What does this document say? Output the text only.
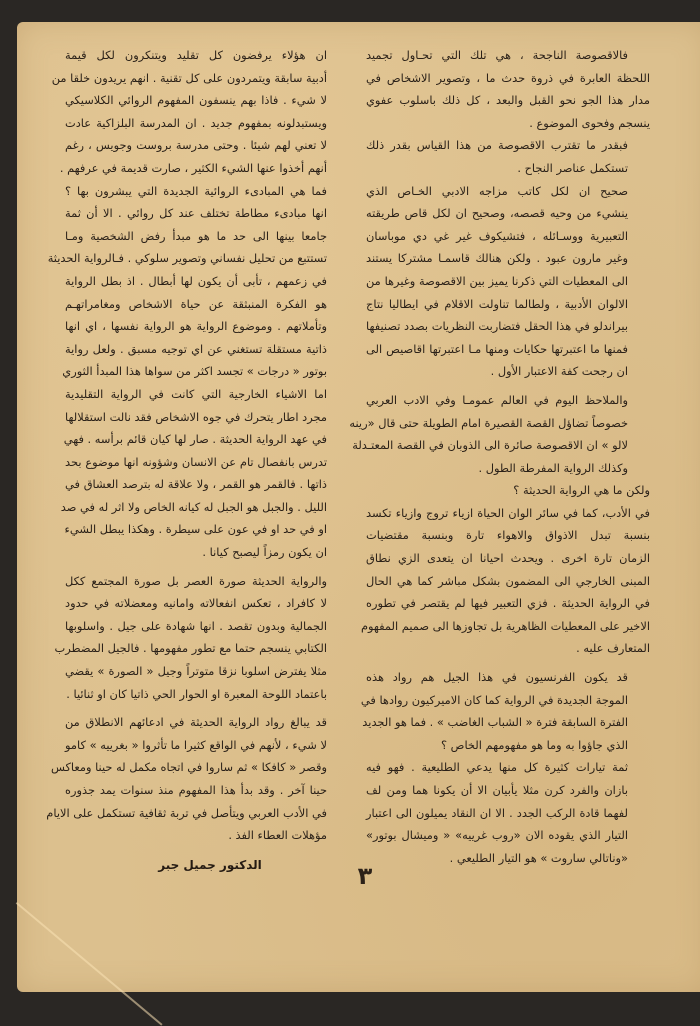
فالاقصوصة الناجحة ، هي تلك التي تحـاول تجميد

اللحظة العابرة في ذروة حدث ما ، وتصوير الاشخاص في
مدار هذا الجو نحو القبل والبعد ، كل ذلك باسلوب عفوي
ينسجم وفحوى الموضوع .

فبقدر ما تقترب الاقصوصة من هذا القياس بقدر ذلك
تستكمل عناصر النجاح .

صحيح ان لكل كاتب مزاجه الادبي الخـاص الذي
ينشيء من وحيه قصصه، وصحيح ان لكل قاص طريقته
التعبيرية ووسـائله ، فتشيكوف غير غي دي موباسان
وغير مارون عبود . ولكن هنالك قاسمـا مشتركا يستند
الى المعطيات التي ذكرنا يميز بين الاقصوصة وغيرها من
الالوان الأدبية ، ولطالما تناولت الاقلام في ايطاليا نتاج
بيراندلو في هذا الحقل فتضاربت النظريات بصدد تصنيفها
فمنها ما اعتبرتها حكايات ومنها مـا اعتبرتها اقاصيص الى
ان رجحت كفة الاعتبار الأول .

والملاحظ اليوم في العالم عمومـا وفي الادب العربي
خصوصاً تضاؤل القصة القصيرة امام الطويلة حتى قال «رينه
لالو » ان الاقصوصة صائرة الى الذوبان في القصة المعتـدلة
وكذلك الرواية المفرطة الطول .

ولكن ما هي الرواية الحديثة ؟

في الأدب، كما في سائر الوان الحياة ازياء تروج وازياء تكسد
بنسبة تبدل الاذواق والاهواء تارة وبنسبة مقتضيات
الزمان تارة اخرى . ويحدث احيانا ان يتعدى الزي نطاق
المبنى الخارجي الى المضمون بشكل مباشر كما هي الحال
في الرواية الحديثة . فزي التعبير فيها لم يقتصر في تطوره
الاخير على المعطيات الظاهرية بل تجاوزها الى صميم المفهوم
المتعارف عليه .

قد يكون الفرنسيون في هذا الجيل هم رواد هذه
الموجة الجديدة في الرواية كما كان الاميركيون روادها في
الفترة السابقة فترة « الشباب الغاضب » . فما هو الجديد
الذي جاؤوا به وما هو مفهومهم الخاص ؟

ثمة تيارات كثيرة كل منها يدعي الطليعية . فهو فيه
بازان والفرد كرن مثلا يأبيان الا أن يكونا هما ومن لف
لفهما قادة الركب الجدد . الا ان النقاد يميلون الى اعتبار
التيار الذي يقوده الان «روب غرييه» « وميشال بوتور»
«وناتالي ساروت » هو التيار الطليعي .

ان هؤلاء يرفضون كل تقليد ويتنكرون لكل قيمة
أدبية سابقة ويتمردون على كل تقنية . انهم يريدون خلقا من
لا شيء . فاذا بهم ينسفون المفهوم الروائي الكلاسيكي
ويستبدلونه بمفهوم جديد . ان المدرسة البلزاكية عادت
لا تعني لهم شيئا . وحتى مدرسة بروست وجويس ، رغم
أنهم أخذوا عنها الشيء الكثير ، صارت قديمة في عرفهم .

فما هي المبادىء الروائية الجديدة التي يبشرون بها ؟
انها مبادىء مطاطة تختلف عند كل روائي . الا أن ثمة
جامعا بينها الى حد ما هو مبدأ رفض الشخصية ومـا
تستتبع من تحليل نفساني وتصوير سلوكي . فـالرواية الحديثة
في زعمهم ، تأبى أن يكون لها أبطال . اذ بطل الرواية
هو الفكرة المنبثقة عن حياة الاشخاص ومغامراتهـم
وتأملاتهم . وموضوع الرواية هو الرواية نفسها ، اي انها
ذاتية مستقلة تستغني عن اي توجيه مسبق . ولعل رواية
بوتور « درجات » تجسد اكثر من سواها هذا المبدأ الثوري

اما الاشياء الخارجية التي كانت في الرواية التقليدية
مجرد اطار يتحرك في جوه الاشخاص فقد نالت استقلالها
في عهد الرواية الحديثة . صار لها كيان قائم برأسه . فهي
تدرس بانفصال تام عن الانسان وشؤونه انها موضوع بحد
ذاتها . فالقمر هو القمر ، ولا علاقة له بترصد العشاق في
الليل . والجبل هو الجبل له كيانه الخاص ولا اثر له في صد
او في حد او في عون على سيطرة . وهكذا يبطل الشيء
ان يكون رمزاً ليصبح كيانا .

والرواية الحديثة صورة العصر بل صورة المجتمع ككل
لا كافراد ، تعكس انفعالاته وامانيه ومعضلاته في حدود
الجمالية وبدون تقصد . انها شهادة على جيل . واسلوبها
الكتابي ينسجم حتما مع تطور مفهومها . فالجيل المضطرب
مثلا يفترض اسلوبا نزقا متوتراً وجيل « الصورة » يقضي
باعتماد اللوحة المعبرة او الحوار الحي ذاتيا كان او ثنائيا .

قد يبالغ رواد الرواية الحديثة في ادعائهم الانطلاق من
لا شيء ، لأنهم في الواقع كثيرا ما تأثروا « بغرييه » كامو
وقصر « كافكا » ثم ساروا في اتجاه مكمل له حينا ومعاكس
حينا آخر . وقد بدأ هذا المفهوم منذ سنوات يمد جذوره
في الأدب العربي ويتأصل في تربة ثقافية تستكمل على الايام
مؤهلات العطاء الفذ .

الدكتور جميل جبر	٣
